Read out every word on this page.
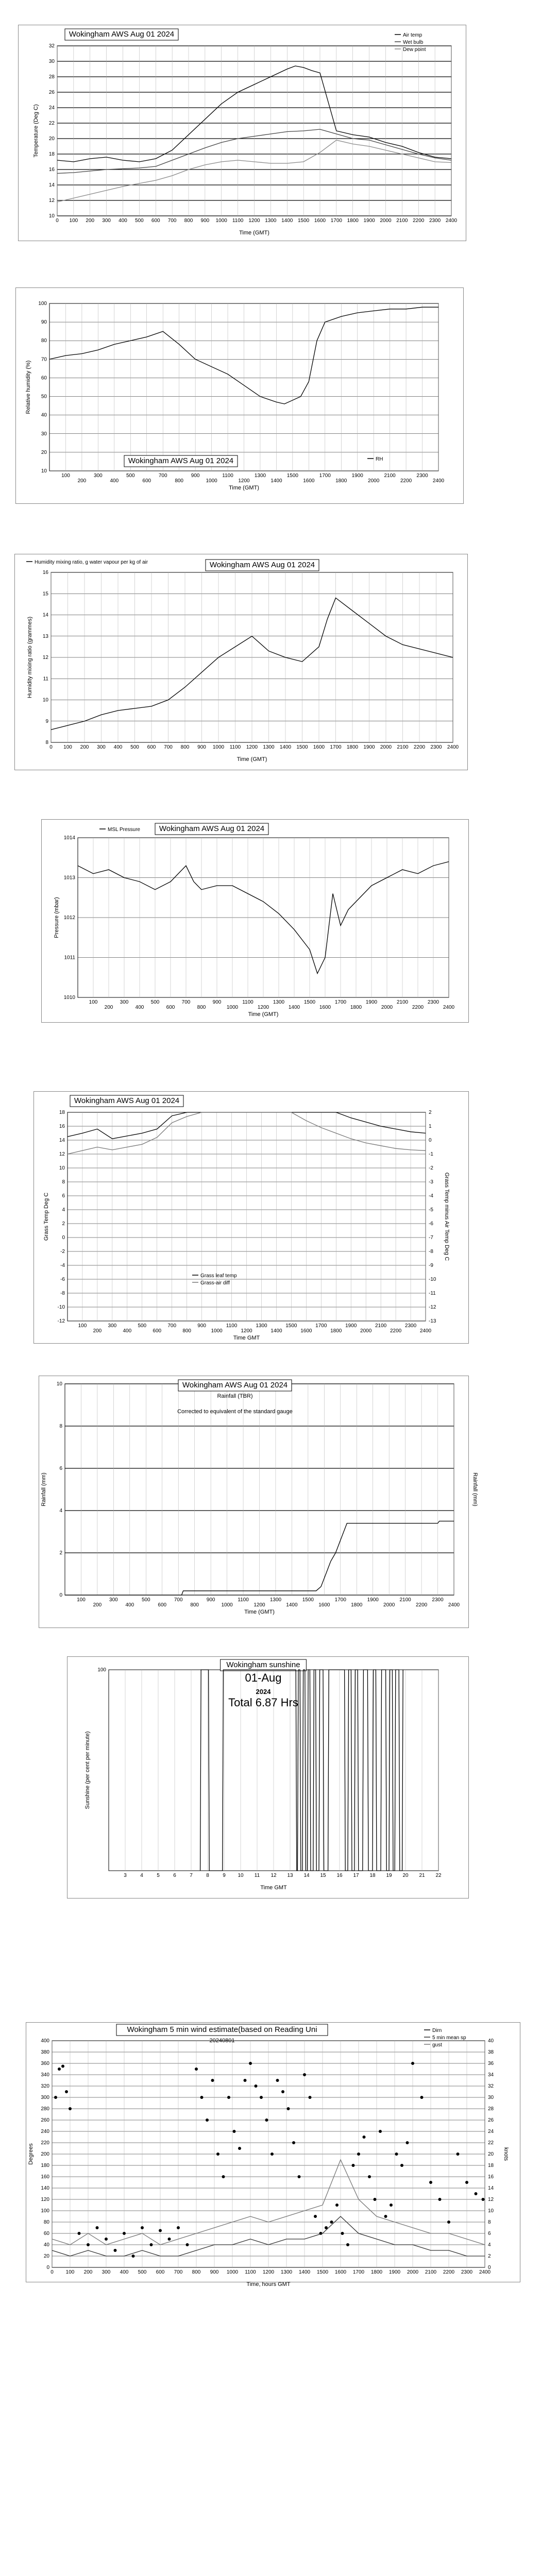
10
12
14
16
18
20
22
24
26
28
30
32
0 100 200 300 400 500 600 700 800 900 1000 1100 1200 1300 1400 1500 1600 1700 1800 1900 2000 2100 2200 2300 2400
Time (GMT)
Temperature (Deg C)
Wokingham AWS Aug 01 2024	Air temp
Wet bulb
Dew point
10
20
30
40
50
60
70
80
90
100
100
200
300
400
500
600
700
800
900
1000
1100
1200
1300
1400
1500
1600
1700
1800
1900
2000
2100
2200
2300
2400
Time (GMT)
Relative humidity (%)
Wokingham AWS Aug 01 2024	RH
8
9
10
11
12
13
14
15
16
0 100 200 300 400 500 600 700 800 900 1000 1100 1200 1300 1400 1500 1600 1700 1800 1900 2000 2100 2200 2300 2400
Time (GMT)
Humidity mixing ratio (grammes)
Wokingham AWS Aug 01 2024
Humidity mixing ratio, g water vapour per kg of air
1010
1011
1012
1013
1014
100
200
300
400
500
600
700
800
900
1000
1100
1200
1300
1400
1500
1600
1700
1800
1900
2000
2100
2200
2300
2400
Time (GMT)
Pressure (mbar)
Wokingham AWS Aug 01 2024
MSL Pressure
-12
-10
-8
-6
-4
-2
0
2
4
6
8
10
12
14
16
18
100
200
300
400
500
600
700
800
900
1000
1100
1200
1300
1400
1500
1600
1700
1800
1900
2000
2100
2200
2300
2400
-13
-12
-11
-10
-9
-8
-7
-6
-5
-4
-3
-2
-1
0
1
2
Grass Temp minus Air Temp Deg C
Time GMT
Grass Temp Deg C
Wokingham AWS Aug 01 2024
Grass leaf temp
Grass-air diff
0
2
4
6
8
10
100
200
300
400
500
600
700
800
900
1000
1100
1200
1300
1400
1500
1600
1700
1800
1900
2000
2100
2200
2300
2400
Rainfall (mm)
Time (GMT)
Rainfall (mm)
Wokingham AWS Aug 01 2024
Rainfall (TBR)
Corrected to equivalent of the standard gauge
100
3	4	5	6	7	8	9 10 11 12 13 14 15 16 17 18 19 20 21 22
Time GMT
Sunshine (per cent per minute)
Wokingham sunshine
01-Aug
2024
Total 6.87 Hrs
0
20
40
60
80
100
120
140
160
180
200
220
240
260
280
300
320
340
360
380
400
0 100 200 300 400 500 600 700 800 900 1000 1100 1200 1300 1400 1500 1600 1700 1800 1900 2000 2100 2200 2300 2400
0
2
4
6
8
10
12
14
16
18
20
22
24
26
28
30
32
34
36
38
40
knots
Time, hours GMT
Degrees
Wokingham 5 min wind estimate(based on Reading Uni
20240801
Dirn
5 min mean sp
gust
